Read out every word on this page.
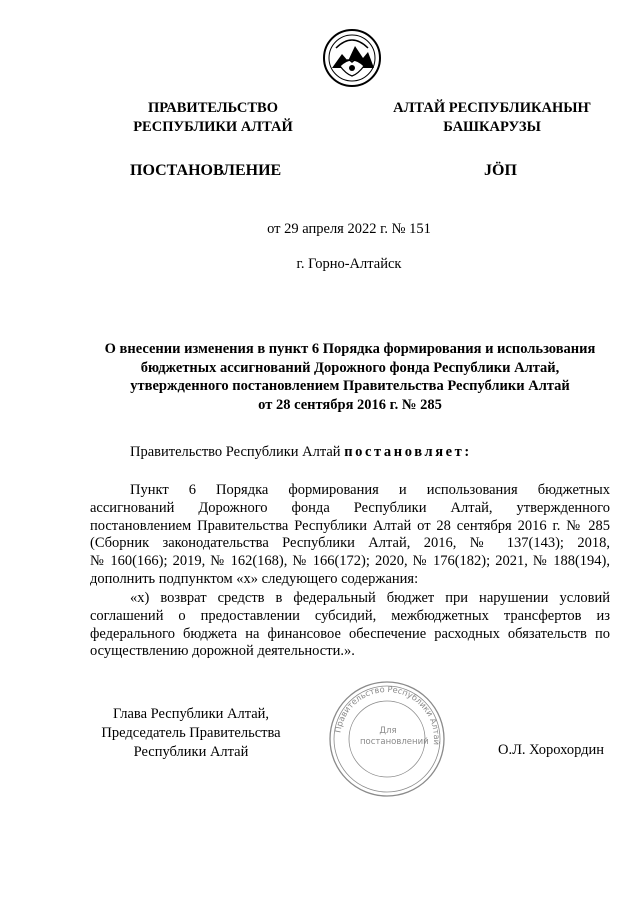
ПРАВИТЕЛЬСТВО
РЕСПУБЛИКИ АЛТАЙ
АЛТАЙ РЕСПУБЛИКАНЫҤ
БАШКАРУЗЫ
ПОСТАНОВЛЕНИЕ	JӦП
от 29 апреля 2022 г. № 151
г. Горно-Алтайск
О внесении изменения в пункт 6 Порядка формирования и использования
бюджетных ассигнований Дорожного фонда Республики Алтай,
утвержденного постановлением Правительства Республики Алтай
от 28 сентября 2016 г. № 285
Правительство Республики Алтай постановляет:
Пункт 6 Порядка формирования и использования бюджетных
ассигнований Дорожного фонда Республики Алтай, утвержденного
постановлением Правительства Республики Алтай от 28 сентября 2016 г. № 285
(Сборник законодательства Республики Алтай, 2016, № 137(143); 2018,
№ 160(166); 2019, № 162(168), № 166(172); 2020, № 176(182); 2021, № 188(194),
дополнить подпунктом «х» следующего содержания:
«х) возврат средств в федеральный бюджет при нарушении условий
соглашений о предоставлении субсидий, межбюджетных трансфертов из
федерального бюджета на финансовое обеспечение расходных обязательств по
осуществлению дорожной деятельности.».
Правительство Республики Алтай
Для
постановлений
Глава Республики Алтай,
Председатель Правительства
Республики Алтай	О.Л. Хорохордин
